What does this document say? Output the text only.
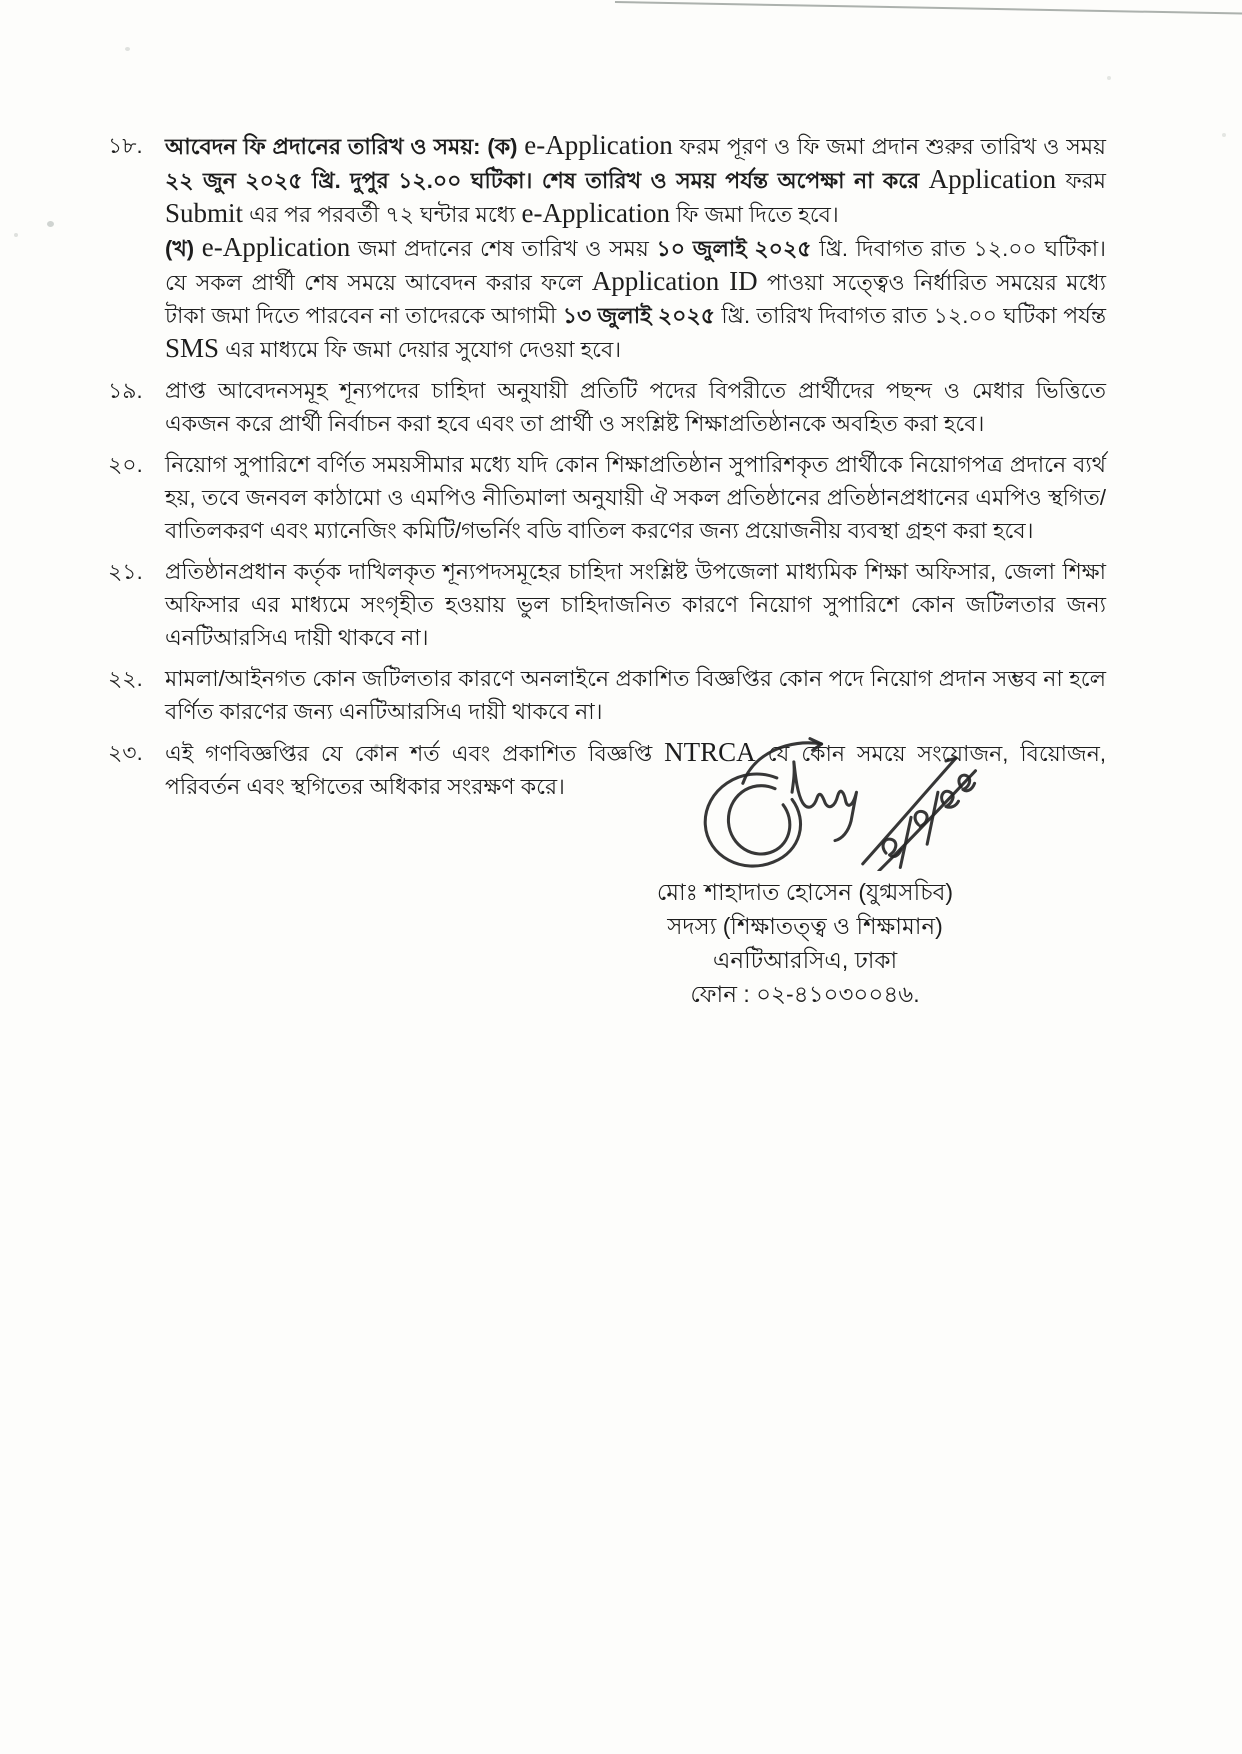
১৮.	আবেদন ফি প্রদানের তারিখ ও সময়: (ক) e-Application ফরম পূরণ ও ফি জমা প্রদান শুরুর তারিখ ও সময় ২২ জুন ২০২৫ খ্রি. দুপুর ১২.০০ ঘটিকা। শেষ তারিখ ও সময় পর্যন্ত অপেক্ষা না করে Application ফরম Submit এর পর পরবর্তী ৭২ ঘন্টার মধ্যে e-Application ফি জমা দিতে হবে।
(খ) e-Application জমা প্রদানের শেষ তারিখ ও সময় ১০ জুলাই ২০২৫ খ্রি. দিবাগত রাত ১২.০০ ঘটিকা। যে সকল প্রার্থী শেষ সময়ে আবেদন করার ফলে Application ID পাওয়া সত্ত্বেও নির্ধারিত সময়ের মধ্যে টাকা জমা দিতে পারবেন না তাদেরকে আগামী ১৩ জুলাই ২০২৫ খ্রি. তারিখ দিবাগত রাত ১২.০০ ঘটিকা পর্যন্ত SMS এর মাধ্যমে ফি জমা দেয়ার সুযোগ দেওয়া হবে।
১৯.	প্রাপ্ত আবেদনসমূহ শূন্যপদের চাহিদা অনুযায়ী প্রতিটি পদের বিপরীতে প্রার্থীদের পছন্দ ও মেধার ভিত্তিতে একজন করে প্রার্থী নির্বাচন করা হবে এবং তা প্রার্থী ও সংশ্লিষ্ট শিক্ষাপ্রতিষ্ঠানকে অবহিত করা হবে।
২০.	নিয়োগ সুপারিশে বর্ণিত সময়সীমার মধ্যে যদি কোন শিক্ষাপ্রতিষ্ঠান সুপারিশকৃত প্রার্থীকে নিয়োগপত্র প্রদানে ব্যর্থ হয়, তবে জনবল কাঠামো ও এমপিও নীতিমালা অনুযায়ী ঐ সকল প্রতিষ্ঠানের প্রতিষ্ঠানপ্রধানের এমপিও স্থগিত/বাতিলকরণ এবং ম্যানেজিং কমিটি/গভর্নিং বডি বাতিল করণের জন্য প্রয়োজনীয় ব্যবস্থা গ্রহণ করা হবে।
২১.	প্রতিষ্ঠানপ্রধান কর্তৃক দাখিলকৃত শূন্যপদসমূহের চাহিদা সংশ্লিষ্ট উপজেলা মাধ্যমিক শিক্ষা অফিসার, জেলা শিক্ষা অফিসার এর মাধ্যমে সংগৃহীত হওয়ায় ভুল চাহিদাজনিত কারণে নিয়োগ সুপারিশে কোন জটিলতার জন্য এনটিআরসিএ দায়ী থাকবে না।
২২.	মামলা/আইনগত কোন জটিলতার কারণে অনলাইনে প্রকাশিত বিজ্ঞপ্তির কোন পদে নিয়োগ প্রদান সম্ভব না হলে বর্ণিত কারণের জন্য এনটিআরসিএ দায়ী থাকবে না।
২৩.	এই গণবিজ্ঞপ্তির যে কোন শর্ত এবং প্রকাশিত বিজ্ঞপ্তি NTRCA যে কোন সময়ে সংযোজন, বিয়োজন, পরিবর্তন এবং স্থগিতের অধিকার সংরক্ষণ করে।
মোঃ শাহাদাত হোসেন (যুগ্মসচিব)
সদস্য (শিক্ষাতত্ত্ব ও শিক্ষামান)
এনটিআরসিএ, ঢাকা
ফোন : ০২-৪১০৩০০৪৬.
